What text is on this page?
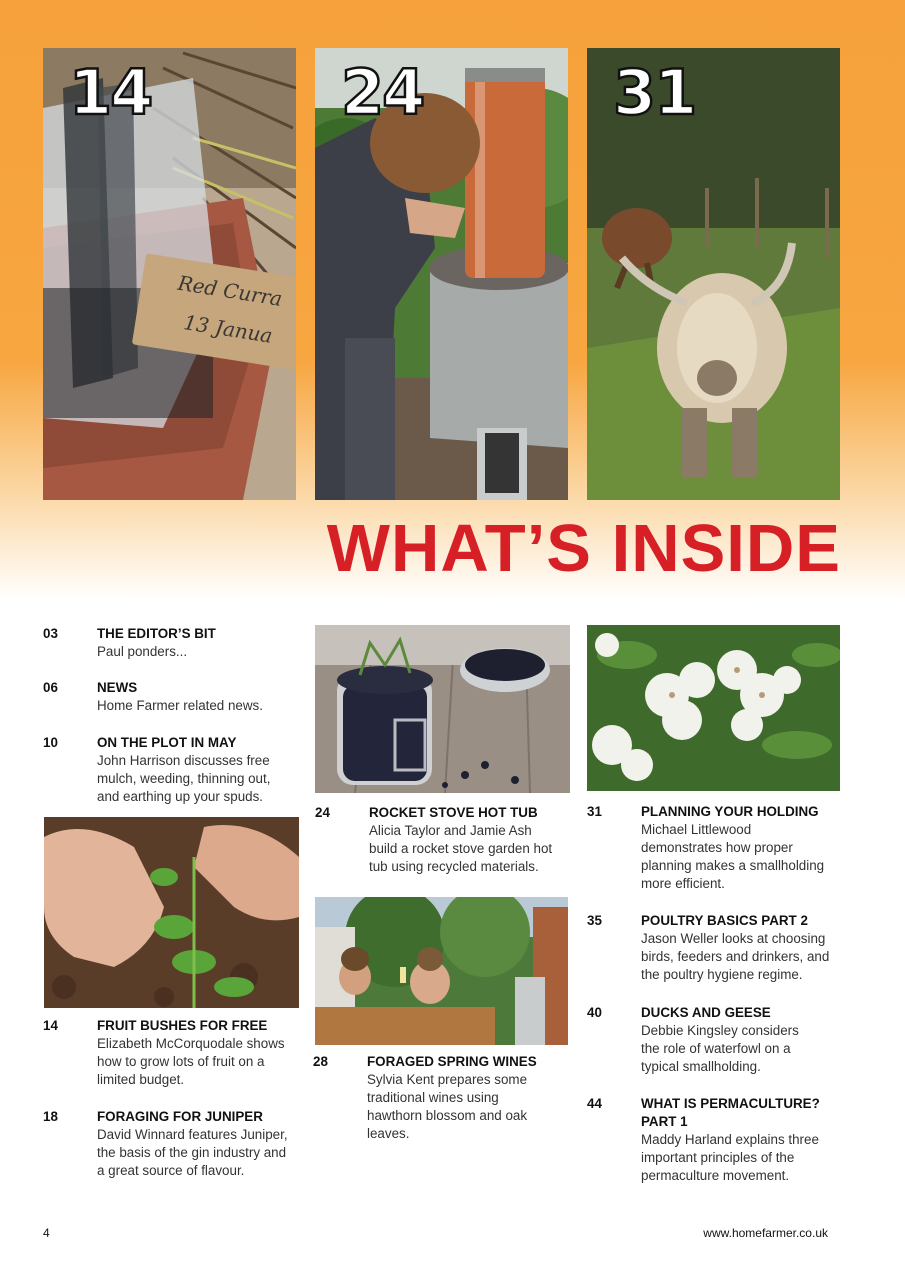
Red Curra
13 Janua
14	24	31
WHAT’S INSIDE
03	THE EDITOR’S BIT
Paul ponders...
06	NEWS
Home Farmer related news.
10	ON THE PLOT IN MAY
John Harrison discusses free
mulch, weeding, thinning out,
and earthing up your spuds.
14	FRUIT BUSHES FOR FREE
Elizabeth McCorquodale shows
how to grow lots of fruit on a
limited budget.
18	FORAGING FOR JUNIPER
David Winnard features Juniper,
the basis of the gin industry and
a great source of flavour.
24	ROCKET STOVE HOT TUB
Alicia Taylor and Jamie Ash
build a rocket stove garden hot
tub using recycled materials.
28	FORAGED SPRING WINES
Sylvia Kent prepares some
traditional wines using
hawthorn blossom and oak
leaves.
31	PLANNING YOUR HOLDING
Michael Littlewood
demonstrates how proper
planning makes a smallholding
more efficient.
35	POULTRY BASICS PART 2
Jason Weller looks at choosing
birds, feeders and drinkers, and
the poultry hygiene regime.
40	DUCKS AND GEESE
Debbie Kingsley considers
the role of waterfowl on a
typical smallholding.
44	WHAT IS PERMACULTURE?
PART 1
Maddy Harland explains three
important principles of the
permaculture movement.
4	www.homefarmer.co.uk
